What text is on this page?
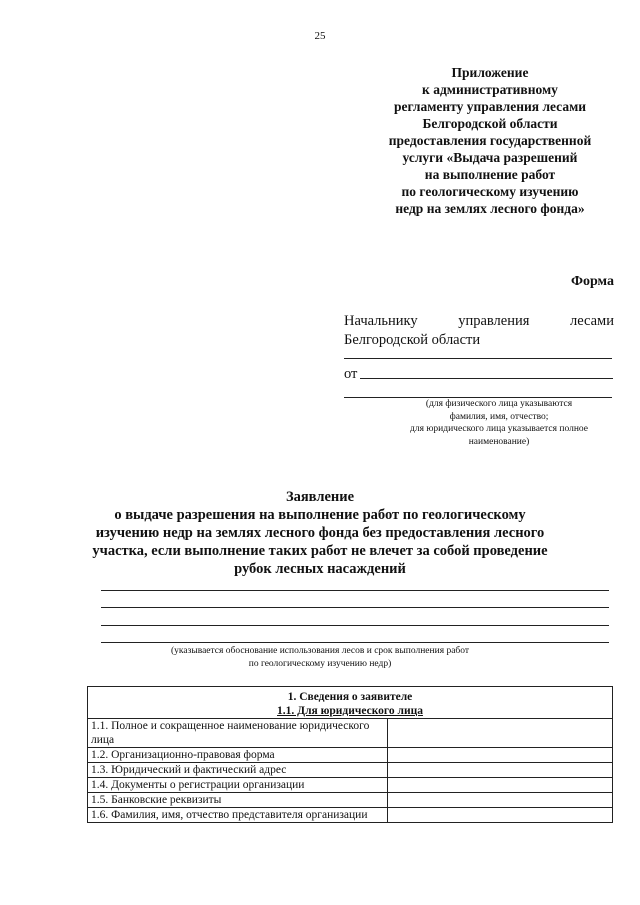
25
Приложение
к административному
регламенту управления лесами
Белгородской области
предоставления государственной
услуги «Выдача разрешений
на выполнение работ
по геологическому изучению
недр на землях лесного фонда»
Форма
Начальнику	управления	лесами
Белгородской области
от
(для физического лица указываются
фамилия, имя, отчество;
для юридического лица указывается полное
наименование)
Заявление
о выдаче разрешения на выполнение работ по геологическому
изучению недр на землях лесного фонда без предоставления лесного
участка, если выполнение таких работ не влечет за собой проведение
рубок лесных насаждений
(указывается обоснование использования лесов и срок выполнения работ
по геологическому изучению недр)
1. Сведения о заявителе
1.1. Для юридического лица	

1.1. Полное и сокращенное наименование юридического лица	
1.2. Организационно-правовая форма	
1.3. Юридический и фактический адрес	
1.4. Документы о регистрации организации	
1.5. Банковские реквизиты	
1.6. Фамилия, имя, отчество представителя организации	
